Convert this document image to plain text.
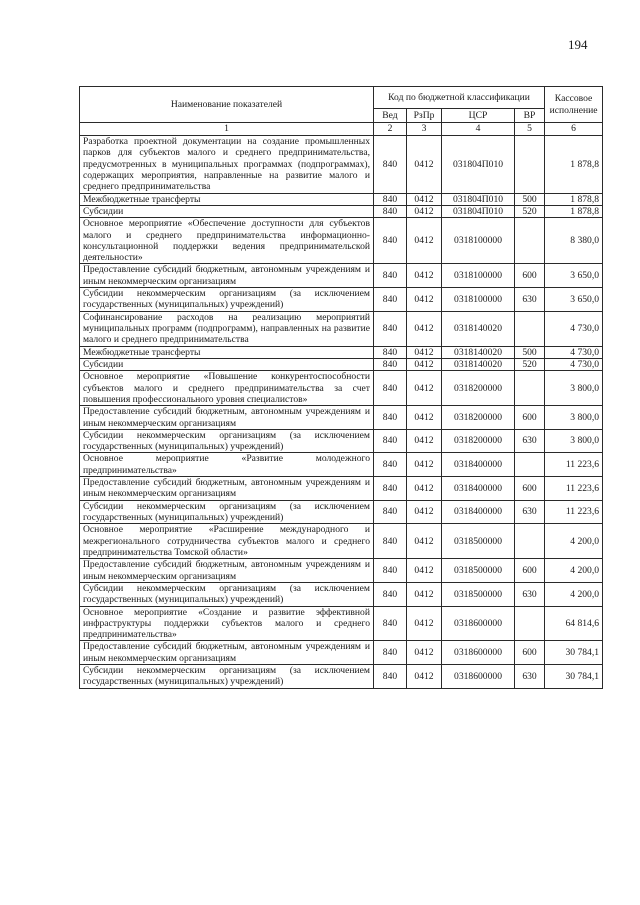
194
Наименование показателей	Код по бюджетной классификации				Кассовое исполнение
	Вед	РзПр	ЦСР	ВР	
1	2	3	4	5	6
Разработка проектной документации на создание промышленных парков для субъектов малого и среднего предпринимательства, предусмотренных в муниципальных программах (подпрограммах), содержащих мероприятия, направленные на развитие малого и среднего предпринимательства	840	0412	031804П010		1 878,8
Межбюджетные трансферты	840	0412	031804П010	500	1 878,8
Субсидии	840	0412	031804П010	520	1 878,8
Основное мероприятие «Обеспечение доступности для субъектов малого и среднего предпринимательства информационно-консультационной поддержки ведения предпринимательской деятельности»	840	0412	0318100000		8 380,0
Предоставление субсидий бюджетным, автономным учреждениям и иным некоммерческим организациям	840	0412	0318100000	600	3 650,0
Субсидии некоммерческим организациям (за исключением государственных (муниципальных) учреждений)	840	0412	0318100000	630	3 650,0
Софинансирование расходов на реализацию мероприятий муниципальных программ (подпрограмм), направленных на развитие малого и среднего предпринимательства	840	0412	0318140020		4 730,0
Межбюджетные трансферты	840	0412	0318140020	500	4 730,0
Субсидии	840	0412	0318140020	520	4 730,0
Основное мероприятие «Повышение конкурентоспособности субъектов малого и среднего предпринимательства за счет повышения профессионального уровня специалистов»	840	0412	0318200000		3 800,0
Предоставление субсидий бюджетным, автономным учреждениям и иным некоммерческим организациям	840	0412	0318200000	600	3 800,0
Субсидии некоммерческим организациям (за исключением государственных (муниципальных) учреждений)	840	0412	0318200000	630	3 800,0
Основное мероприятие «Развитие молодежного предпринимательства»	840	0412	0318400000		11 223,6
Предоставление субсидий бюджетным, автономным учреждениям и иным некоммерческим организациям	840	0412	0318400000	600	11 223,6
Субсидии некоммерческим организациям (за исключением государственных (муниципальных) учреждений)	840	0412	0318400000	630	11 223,6
Основное мероприятие «Расширение международного и межрегионального сотрудничества субъектов малого и среднего предпринимательства Томской области»	840	0412	0318500000		4 200,0
Предоставление субсидий бюджетным, автономным учреждениям и иным некоммерческим организациям	840	0412	0318500000	600	4 200,0
Субсидии некоммерческим организациям (за исключением государственных (муниципальных) учреждений)	840	0412	0318500000	630	4 200,0
Основное мероприятие «Создание и развитие эффективной инфраструктуры поддержки субъектов малого и среднего предпринимательства»	840	0412	0318600000		64 814,6
Предоставление субсидий бюджетным, автономным учреждениям и иным некоммерческим организациям	840	0412	0318600000	600	30 784,1
Субсидии некоммерческим организациям (за исключением государственных (муниципальных) учреждений)	840	0412	0318600000	630	30 784,1
